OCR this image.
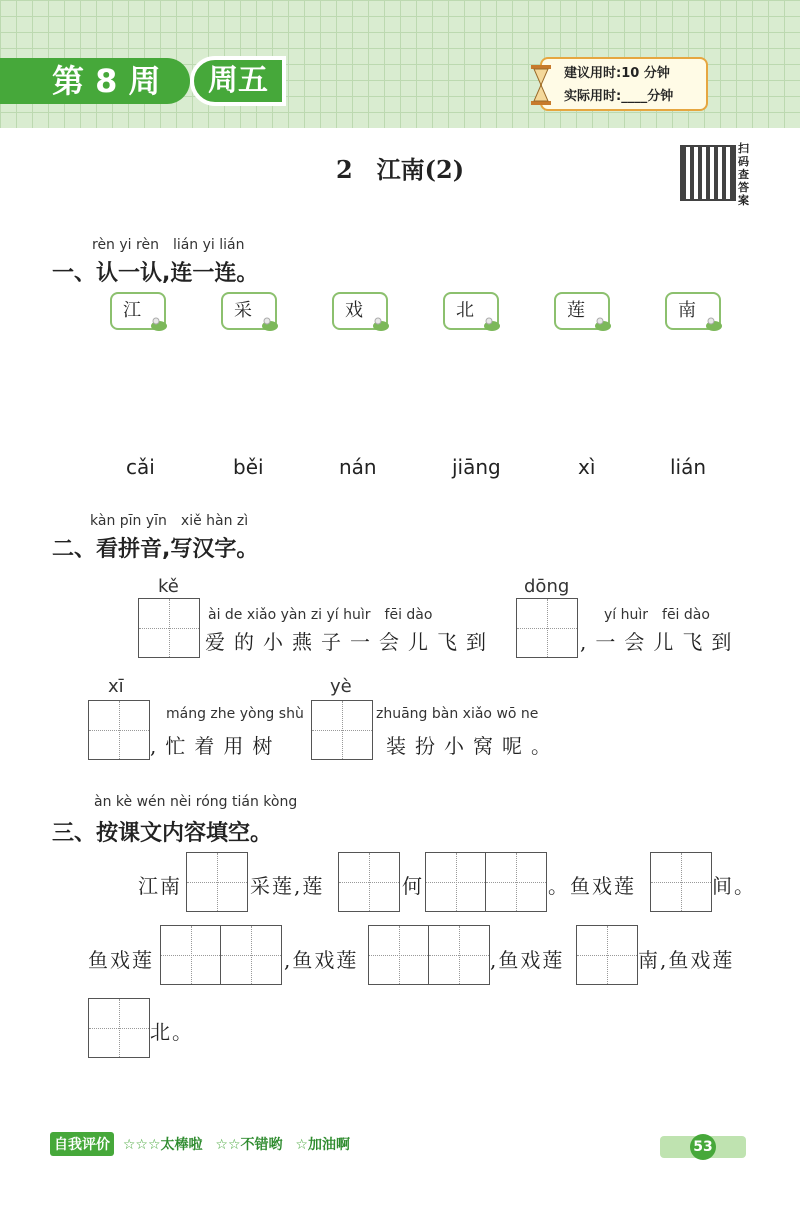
第 8 周	周五	建议用时:10 分钟
实际用时:____分钟
2　江南(2)
扫码查答案
rèn yi rèn　lián yi lián
一、认一认,连一连。
江	采	戏	北	莲	南
cǎi	běi	nán	jiāng	xì	lián
kàn pīn yīn　xiě hàn zì
二、看拼音,写汉字。
kě
ài de xiǎo yàn zi yí huìr　fēi dào
爱的小燕子一会儿飞到
dōng
yí huìr　fēi dào
,一会儿飞到
xī
máng zhe yòng shù
,忙着用树
yè
zhuāng bàn xiǎo wō ne
装扮小窝呢。
àn kè wén nèi róng tián kòng
三、按课文内容填空。
江南	采莲,莲	何	。鱼戏莲	间。
鱼戏莲	,鱼戏莲	,鱼戏莲	南,鱼戏莲
北。
自我评价 ☆☆☆太棒啦 ☆☆不错哟 ☆加油啊	53
